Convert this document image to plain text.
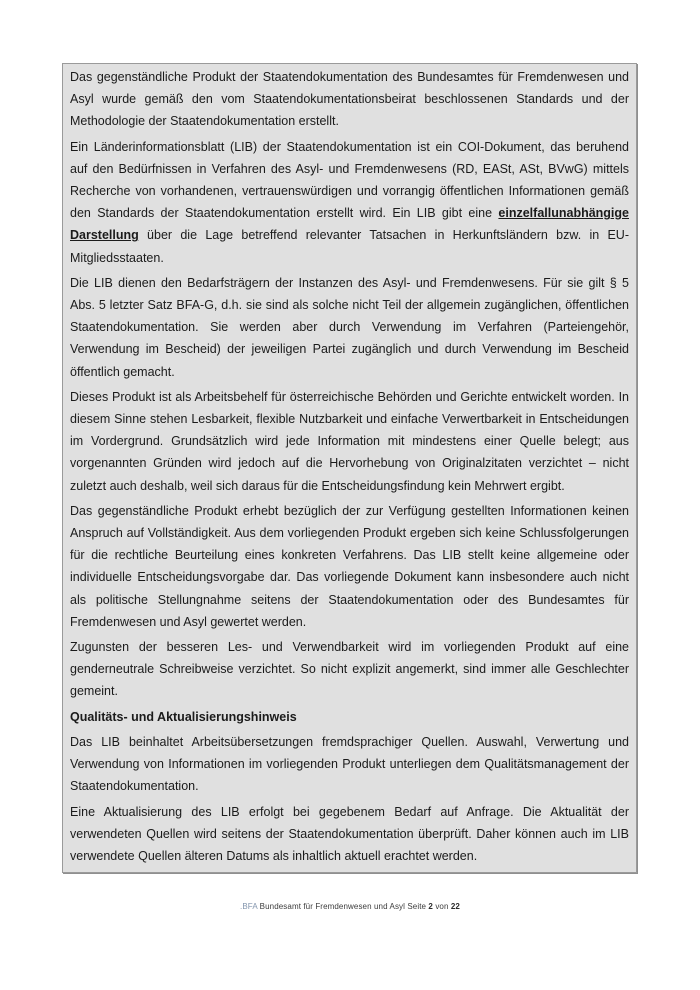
Das gegenständliche Produkt der Staatendokumentation des Bundesamtes für Fremdenwesen und Asyl wurde gemäß den vom Staatendokumentationsbeirat beschlossenen Standards und der Methodologie der Staatendokumentation erstellt.

Ein Länderinformationsblatt (LIB) der Staatendokumentation ist ein COI-Dokument, das beruhend auf den Bedürfnissen in Verfahren des Asyl- und Fremdenwesens (RD, EASt, ASt, BVwG) mittels Recherche von vorhandenen, vertrauenswürdigen und vorrangig öffentlichen Informationen gemäß den Standards der Staatendokumentation erstellt wird. Ein LIB gibt eine einzelfallunabhängige Darstellung über die Lage betreffend relevanter Tatsachen in Herkunftsländern bzw. in EU-Mitgliedsstaaten.

Die LIB dienen den Bedarfsträgern der Instanzen des Asyl- und Fremdenwesens. Für sie gilt § 5 Abs. 5 letzter Satz BFA-G, d.h. sie sind als solche nicht Teil der allgemein zugänglichen, öffentlichen Staatendokumentation. Sie werden aber durch Verwendung im Verfahren (Parteiengehör, Verwendung im Bescheid) der jeweiligen Partei zugänglich und durch Verwendung im Bescheid öffentlich gemacht.

Dieses Produkt ist als Arbeitsbehelf für österreichische Behörden und Gerichte entwickelt worden. In diesem Sinne stehen Lesbarkeit, flexible Nutzbarkeit und einfache Verwertbarkeit in Entscheidungen im Vordergrund. Grundsätzlich wird jede Information mit mindestens einer Quelle belegt; aus vorgenannten Gründen wird jedoch auf die Hervorhebung von Originalzitaten verzichtet – nicht zuletzt auch deshalb, weil sich daraus für die Entscheidungsfindung kein Mehrwert ergibt.

Das gegenständliche Produkt erhebt bezüglich der zur Verfügung gestellten Informationen keinen Anspruch auf Vollständigkeit. Aus dem vorliegenden Produkt ergeben sich keine Schlussfolgerungen für die rechtliche Beurteilung eines konkreten Verfahrens. Das LIB stellt keine allgemeine oder individuelle Entscheidungsvorgabe dar. Das vorliegende Dokument kann insbesondere auch nicht als politische Stellungnahme seitens der Staatendokumentation oder des Bundesamtes für Fremdenwesen und Asyl gewertet werden.

Zugunsten der besseren Les- und Verwendbarkeit wird im vorliegenden Produkt auf eine genderneutrale Schreibweise verzichtet. So nicht explizit angemerkt, sind immer alle Geschlechter gemeint.

Qualitäts- und Aktualisierungshinweis

Das LIB beinhaltet Arbeitsübersetzungen fremdsprachiger Quellen. Auswahl, Verwertung und Verwendung von Informationen im vorliegenden Produkt unterliegen dem Qualitätsmanagement der Staatendokumentation.

Eine Aktualisierung des LIB erfolgt bei gegebenem Bedarf auf Anfrage. Die Aktualität der verwendeten Quellen wird seitens der Staatendokumentation überprüft. Daher können auch im LIB verwendete Quellen älteren Datums als inhaltlich aktuell erachtet werden.

.BFA Bundesamt für Fremdenwesen und Asyl Seite 2 von 22
